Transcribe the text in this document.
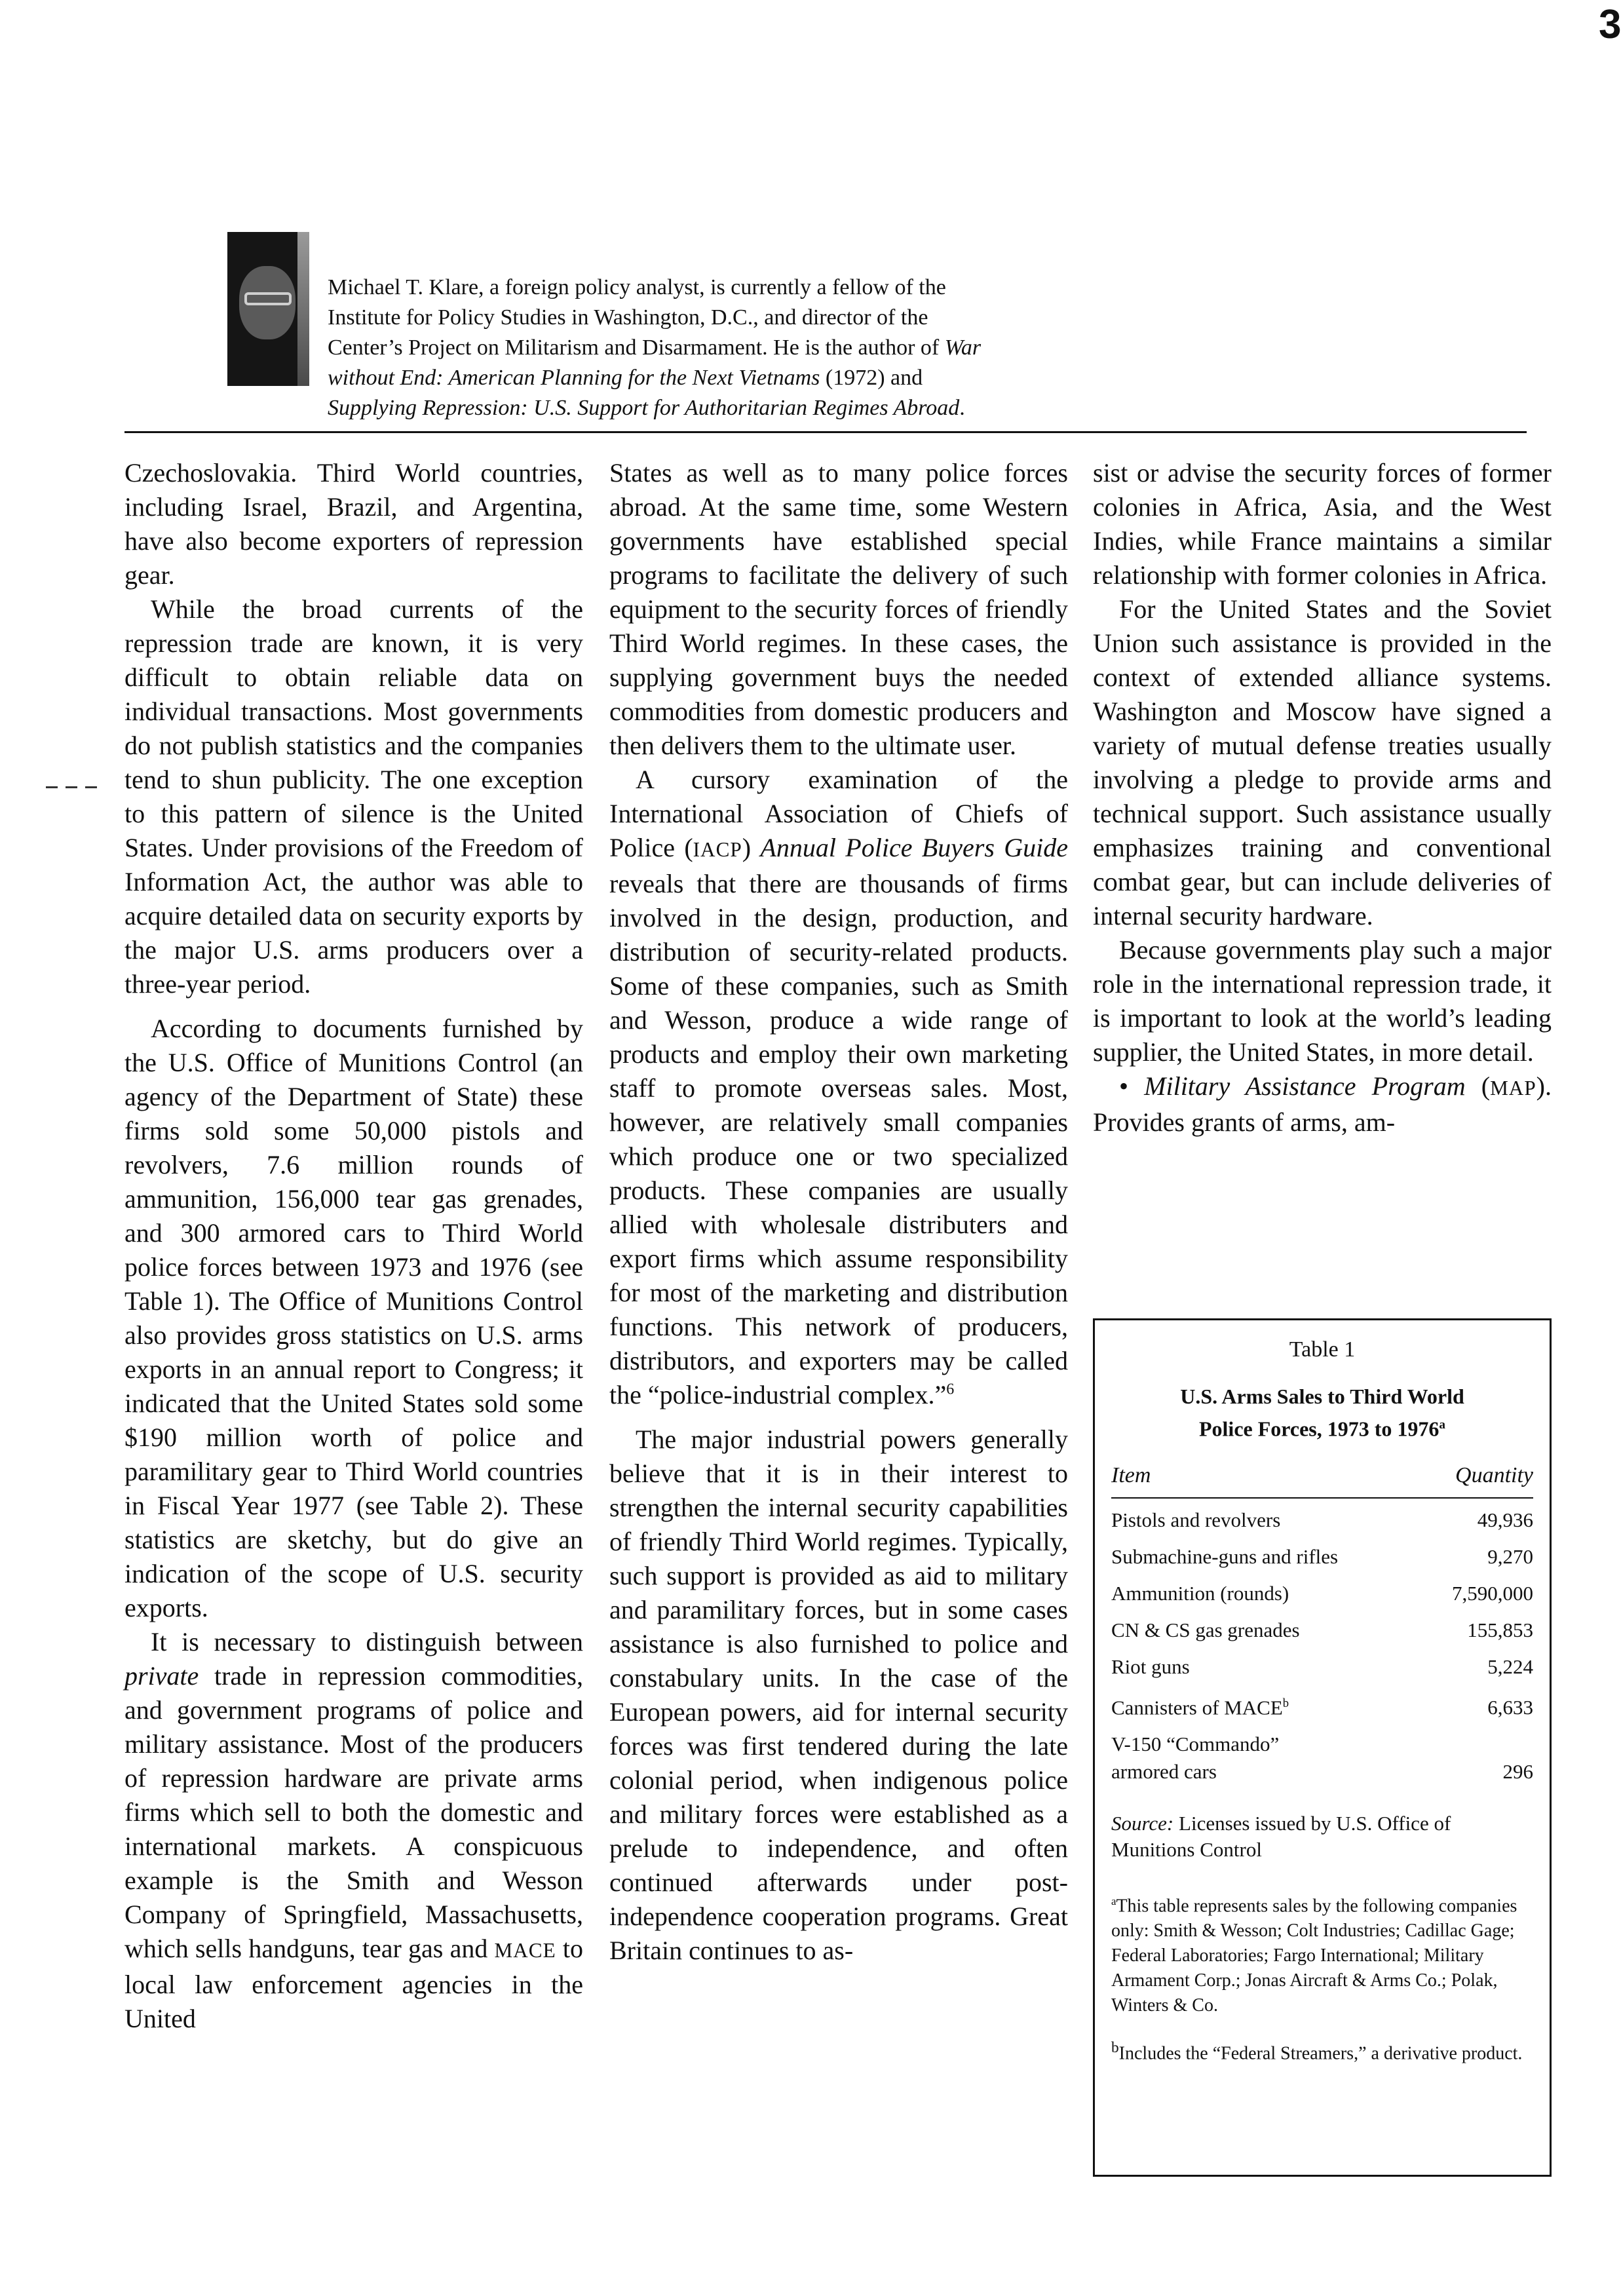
3
Michael T. Klare, a foreign policy analyst, is currently a fellow of the
Institute for Policy Studies in Washington, D.C., and director of the
Center’s Project on Militarism and Disarmament. He is the author of War
without End: American Planning for the Next Vietnams (1972) and
Supplying Repression: U.S. Support for Authoritarian Regimes Abroad.

Czechoslovakia. Third World countries, including Israel, Brazil, and Argentina, have also become exporters of repression gear.

While the broad currents of the repression trade are known, it is very difficult to obtain reliable data on individual transactions. Most governments do not publish statistics and the companies tend to shun publicity. The one exception to this pattern of silence is the United States. Under provisions of the Freedom of Information Act, the author was able to acquire detailed data on security exports by the major U.S. arms producers over a three-year period.

According to documents furnished by the U.S. Office of Munitions Control (an agency of the Department of State) these firms sold some 50,000 pistols and revolvers, 7.6 million rounds of ammunition, 156,000 tear gas grenades, and 300 armored cars to Third World police forces between 1973 and 1976 (see Table 1). The Office of Munitions Control also provides gross statistics on U.S. arms exports in an annual report to Congress; it indicated that the United States sold some $190 million worth of police and paramilitary gear to Third World countries in Fiscal Year 1977 (see Table 2). These statistics are sketchy, but do give an indication of the scope of U.S. security exports.

It is necessary to distinguish between private trade in repression commodities, and government programs of police and military assistance. Most of the producers of repression hardware are private arms firms which sell to both the domestic and international markets. A conspicuous example is the Smith and Wesson Company of Springfield, Massachusetts, which sells handguns, tear gas and MACE to local law enforcement agencies in the United

States as well as to many police forces abroad. At the same time, some Western governments have established special programs to facilitate the delivery of such equipment to the security forces of friendly Third World regimes. In these cases, the supplying government buys the needed commodities from domestic producers and then delivers them to the ultimate user.

A cursory examination of the International Association of Chiefs of Police (IACP) Annual Police Buyers Guide reveals that there are thousands of firms involved in the design, production, and distribution of security-related products. Some of these companies, such as Smith and Wesson, produce a wide range of products and employ their own marketing staff to promote overseas sales. Most, however, are relatively small companies which produce one or two specialized products. These companies are usually allied with wholesale distributers and export firms which assume responsibility for most of the marketing and distribution functions. This network of producers, distributors, and exporters may be called the “police-industrial complex.”$^6$

The major industrial powers generally believe that it is in their interest to strengthen the internal security capabilities of friendly Third World regimes. Typically, such support is provided as aid to military and paramilitary forces, but in some cases assistance is also furnished to police and constabulary units. In the case of the European powers, aid for internal security forces was first tendered during the late colonial period, when indigenous police and military forces were established as a prelude to independence, and often continued afterwards under post-independence cooperation programs. Great Britain continues to as-

sist or advise the security forces of former colonies in Africa, Asia, and the West Indies, while France maintains a similar relationship with former colonies in Africa.

For the United States and the Soviet Union such assistance is provided in the context of extended alliance systems. Washington and Moscow have signed a variety of mutual defense treaties usually involving a pledge to provide arms and technical support. Such assistance usually emphasizes training and conventional combat gear, but can include deliveries of internal security hardware.

Because governments play such a major role in the international repression trade, it is important to look at the world’s leading supplier, the United States, in more detail.

• Military Assistance Program (MAP). Provides grants of arms, am-

Table 1
U.S. Arms Sales to Third World
Police Forces, 1973 to 1976$^a$
Item	Quantity
Pistols and revolvers	49,936
Submachine-guns and rifles	9,270
Ammunition (rounds)	7,590,000
CN & CS gas grenades	155,853
Riot guns	5,224
Cannisters of MACE$^b$	6,633
V-150 “Commando” armored cars	296
Source: Licenses issued by U.S. Office of Munitions Control
$^a$This table represents sales by the following companies only: Smith & Wesson; Colt Industries; Cadillac Gage; Federal Laboratories; Fargo International; Military Armament Corp.; Jonas Aircraft & Arms Co.; Polak, Winters & Co.
$^b$Includes the “Federal Streamers,” a derivative product.
